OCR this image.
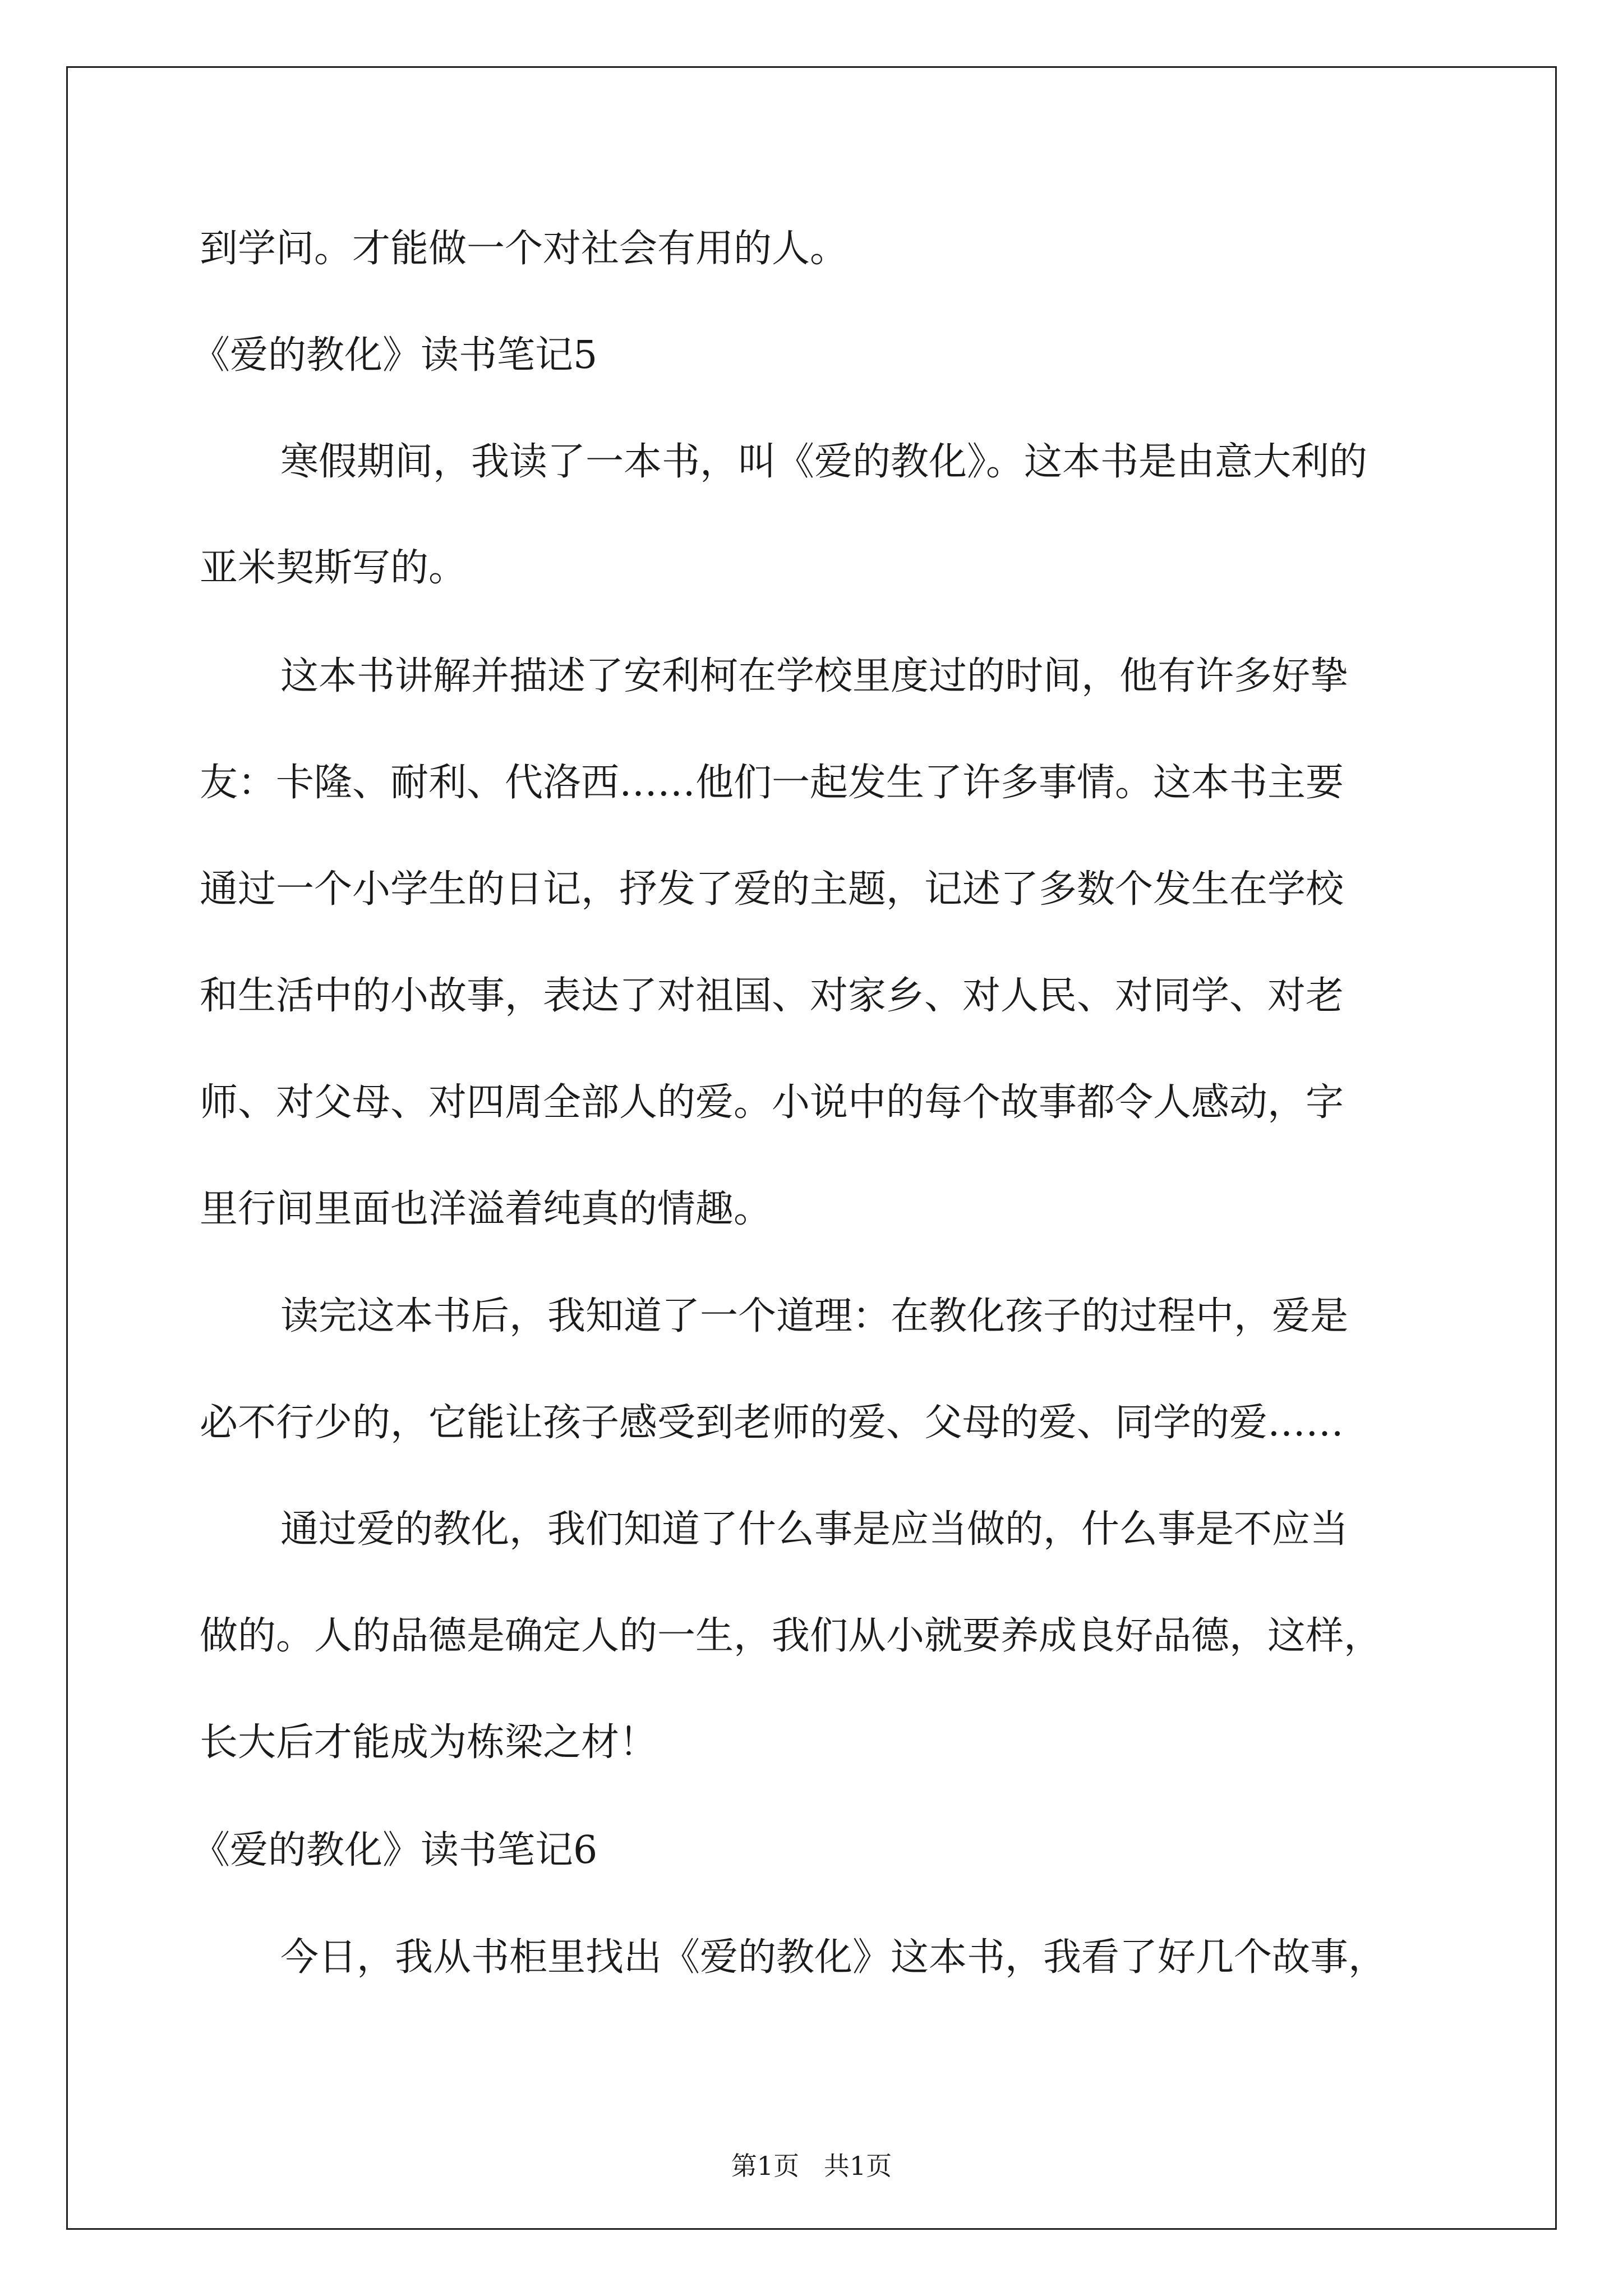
到学问。才能做一个对社会有用的人。
《爱的教化》读书笔记5
寒假期间，我读了一本书，叫《爱的教化》。这本书是由意大利的
亚米契斯写的。
这本书讲解并描述了安利柯在学校里度过的时间，他有许多好挚
友：卡隆、耐利、代洛西……他们一起发生了许多事情。这本书主要
通过一个小学生的日记，抒发了爱的主题，记述了多数个发生在学校
和生活中的小故事，表达了对祖国、对家乡、对人民、对同学、对老
师、对父母、对四周全部人的爱。小说中的每个故事都令人感动，字
里行间里面也洋溢着纯真的情趣。
读完这本书后，我知道了一个道理：在教化孩子的过程中，爱是
必不行少的，它能让孩子感受到老师的爱、父母的爱、同学的爱……
通过爱的教化，我们知道了什么事是应当做的，什么事是不应当
做的。人的品德是确定人的一生，我们从小就要养成良好品德，这样，
长大后才能成为栋梁之材！
《爱的教化》读书笔记6
今日，我从书柜里找出《爱的教化》这本书，我看了好几个故事，
第1页   共1页
